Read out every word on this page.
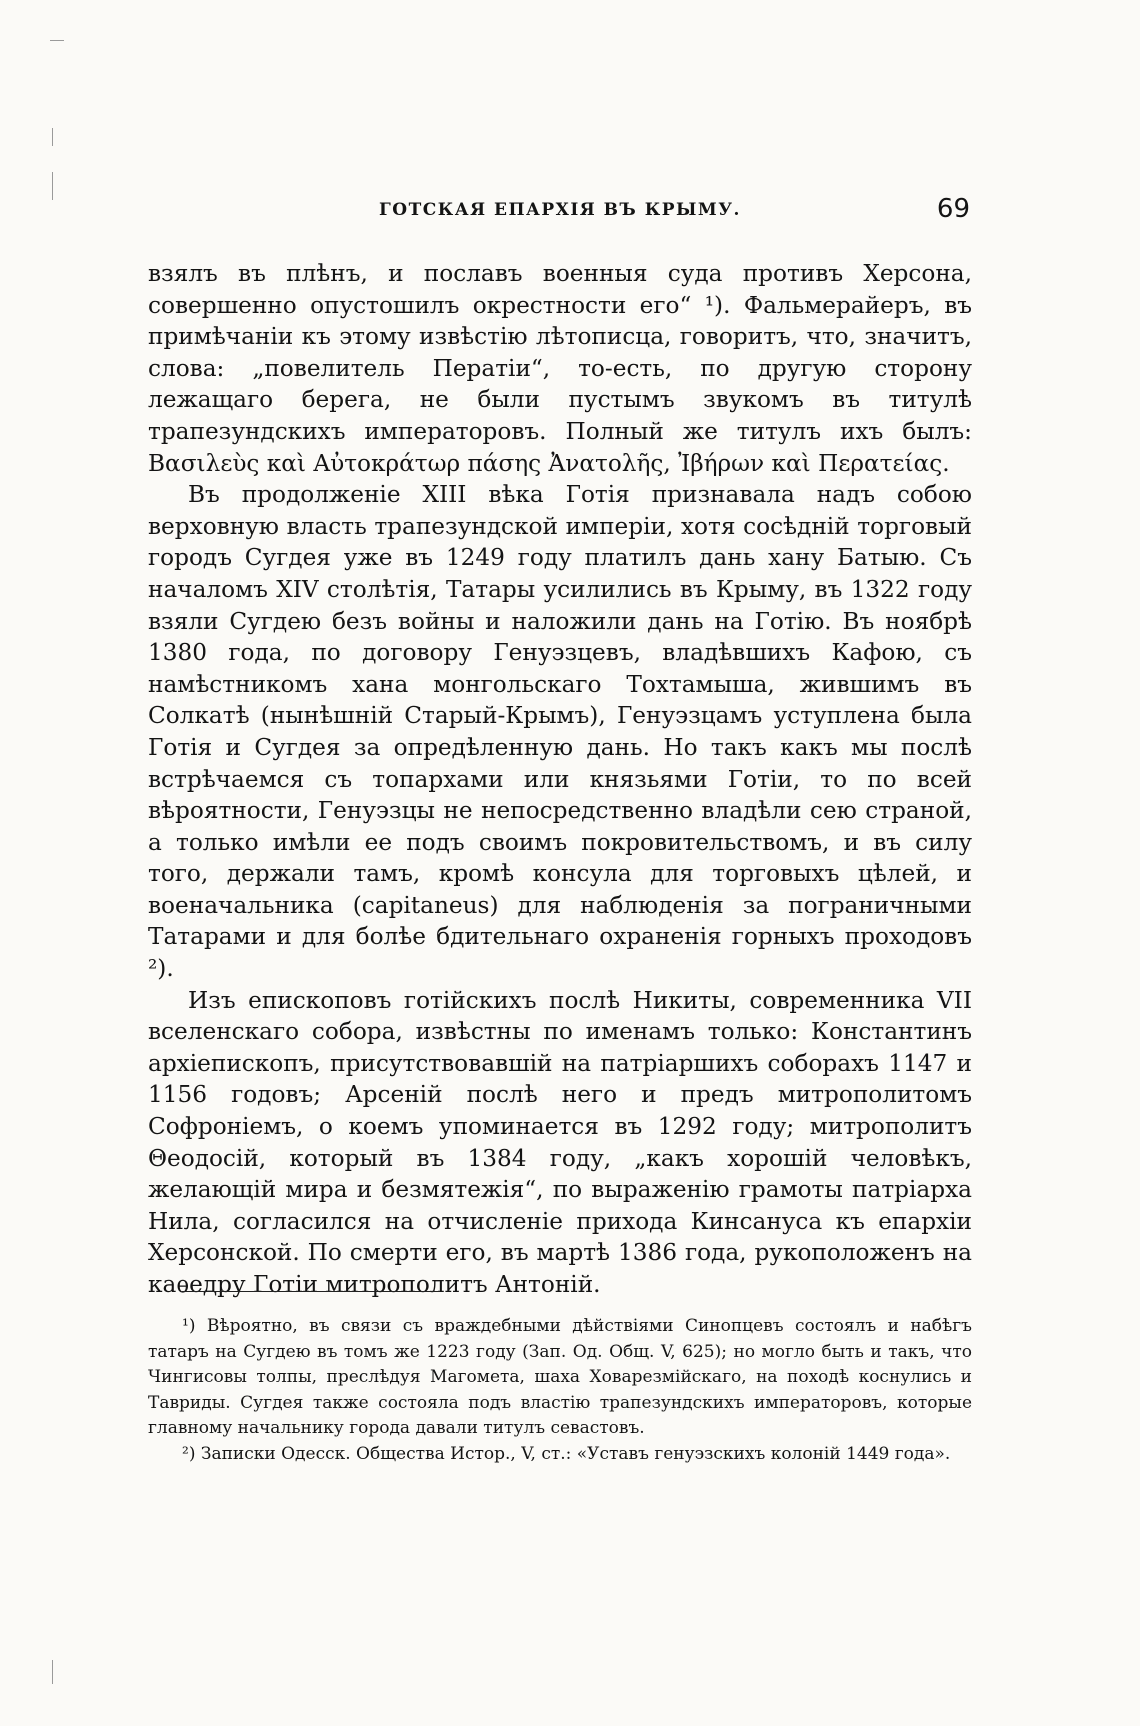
ГОТСКАЯ ЕПАРХІЯ ВЪ КРЫМУ.	69

взялъ въ плѣнъ, и пославъ военныя суда противъ Херсона, совершенно опустошилъ окрестности его“ ¹). Фальмерайеръ, въ примѣчаніи къ этому извѣстію лѣтописца, говоритъ, что, значитъ, слова: „повелитель Пeратіи“, то-есть, по другую сторону лежащаго берега, не были пустымъ звукомъ въ титулѣ трапезундскихъ императоровъ. Полный же титулъ ихъ былъ: Βασιλεὺς καὶ Αὐτοκράτωρ πάσης Ἀνατολῆς, Ἰβήρων καὶ Περατείας.

Въ продолженіе XIII вѣка Готія признавала надъ собою верховную власть трапезундской имперіи, хотя сосѣдній торговый городъ Сугдея уже въ 1249 году платилъ дань хану Батыю. Съ началомъ XIV столѣтія, Татары усилились въ Крыму, въ 1322 году взяли Сугдею безъ войны и наложили дань на Готію. Въ ноябрѣ 1380 года, по договору Генуэзцевъ, владѣвшихъ Кафою, съ намѣстникомъ хана монгольскаго Тохтамыша, жившимъ въ Солкатѣ (нынѣшній Старый-Крымъ), Генуэзцамъ уступлена была Готія и Сугдея за опредѣленную дань. Но такъ какъ мы послѣ встрѣчаемся съ топархами или князьями Готіи, то по всей вѣроятности, Генуэзцы не непосредственно владѣли сею страной, а только имѣли ее подъ своимъ покровительствомъ, и въ силу того, держали тамъ, кромѣ консула для торговыхъ цѣлей, и военачальника (capitaneus) для наблюденія за пограничными Татарами и для болѣе бдительнаго охраненія горныхъ проходовъ ²).

Изъ епископовъ готійскихъ послѣ Никиты, современника VII вселенскаго собора, извѣстны по именамъ только: Константинъ архіепископъ, присутствовавшій на патріаршихъ соборахъ 1147 и 1156 годовъ; Арсеній послѣ него и предъ митрополитомъ Софроніемъ, о коемъ упоминается въ 1292 году; митрополитъ Θеодосій, который въ 1384 году, „какъ хорошій человѣкъ, желающій мира и безмятежія“, по выраженію грамоты патріарха Нила, согласился на отчисленіе прихода Кинсануса къ епархіи Херсонской. По смерти его, въ мартѣ 1386 года, рукоположенъ на каѳедру Готіи митрополитъ Антоній.

¹) Вѣроятно, въ связи съ враждебными дѣйствіями Синопцевъ состоялъ и набѣгъ татаръ на Сугдею въ томъ же 1223 году (Зап. Од. Общ. V, 625); но могло быть и такъ, что Чингисовы толпы, преслѣдуя Магомета, шаха Ховарезмійскаго, на походѣ коснулись и Тавриды. Сугдея также состояла подъ властію трапезундскихъ императоровъ, которые главному начальнику города давали титулъ севастовъ.

²) Записки Одесск. Общества Истор., V, ст.: «Уставъ генуэзскихъ колоній 1449 года».
